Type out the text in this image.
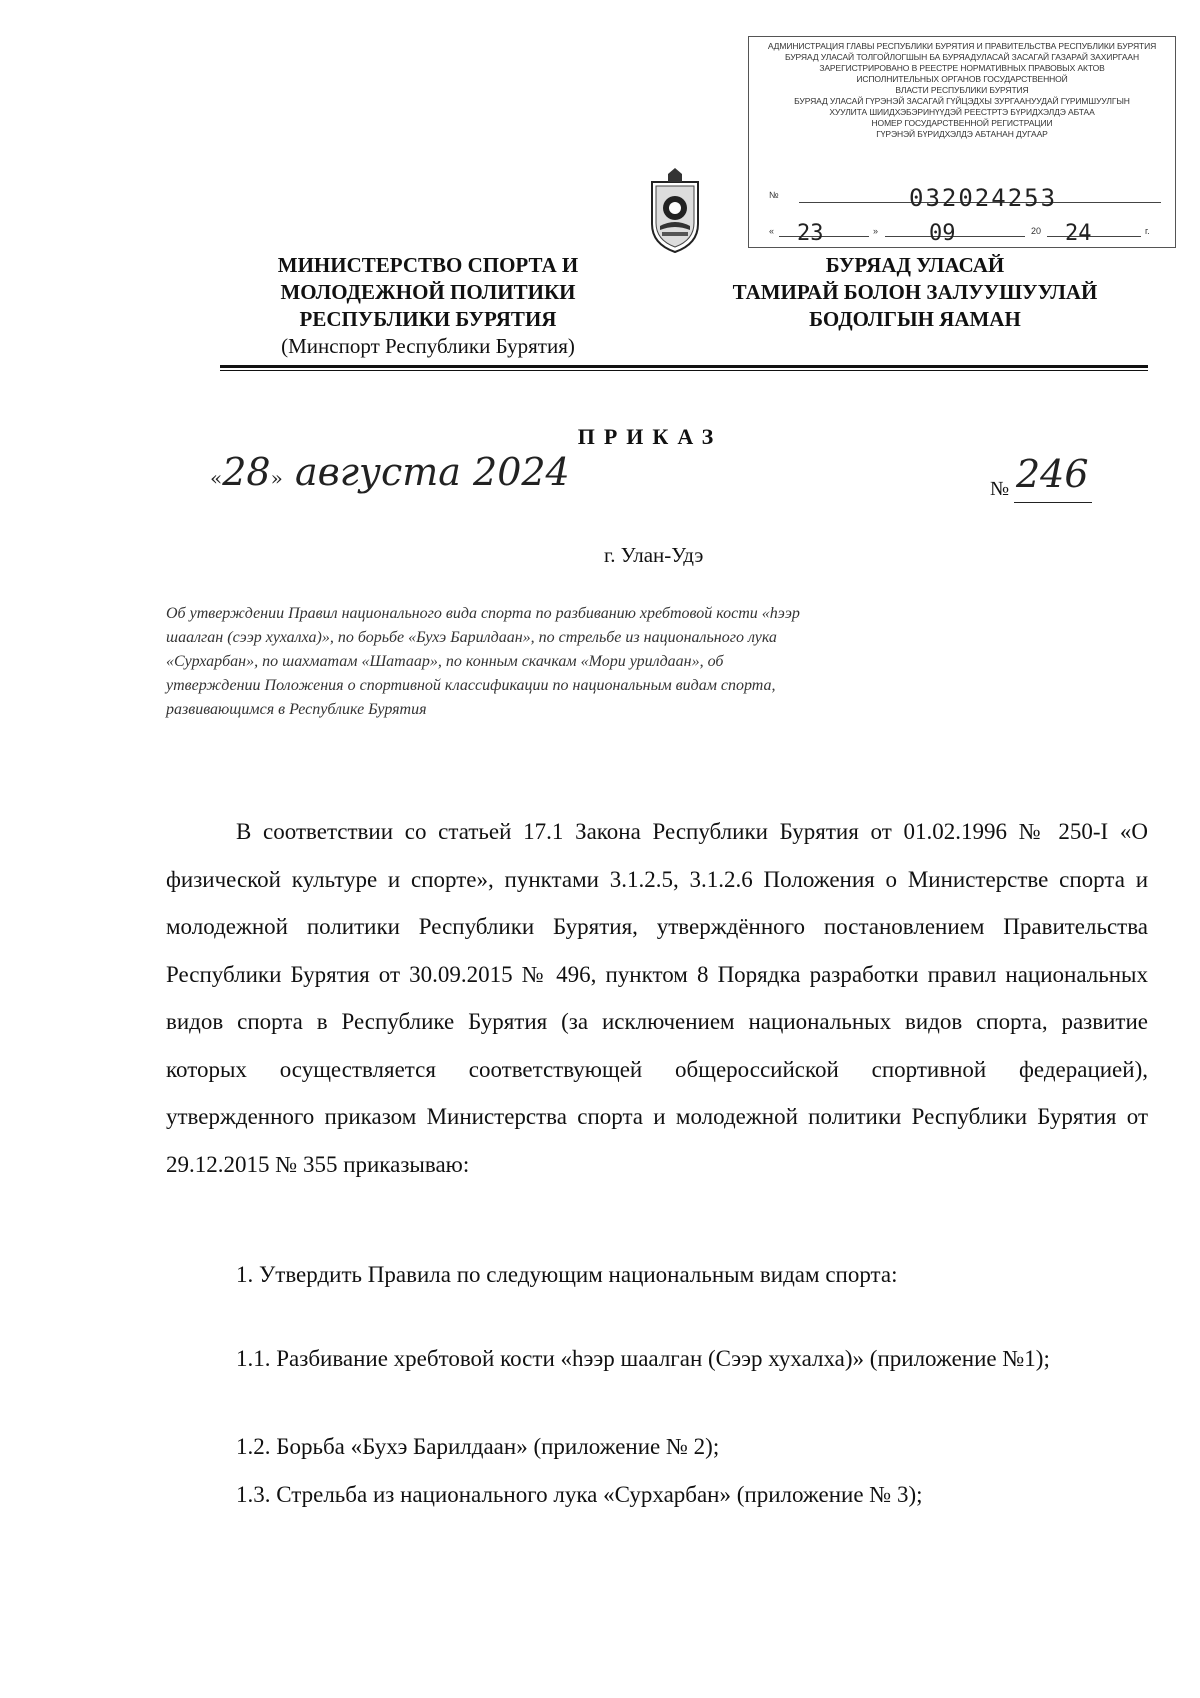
АДМИНИСТРАЦИЯ ГЛАВЫ РЕСПУБЛИКИ БУРЯТИЯ И ПРАВИТЕЛЬСТВА РЕСПУБЛИКИ БУРЯТИЯ
БУРЯАД УЛАСАЙ ТОЛГОЙЛОГШЫН БА БУРЯАДУЛАСАЙ ЗАСАГАЙ ГАЗАРАЙ ЗАХИРГААН
ЗАРЕГИСТРИРОВАНО В РЕЕСТРЕ НОРМАТИВНЫХ ПРАВОВЫХ АКТОВ
ИСПОЛНИТЕЛЬНЫХ ОРГАНОВ ГОСУДАРСТВЕННОЙ
ВЛАСТИ РЕСПУБЛИКИ БУРЯТИЯ
БУРЯАД УЛАСАЙ ГҮРЭНЭЙ ЗАСАГАЙ ГҮЙЦЭДХЫ ЗУРГААНУУДАЙ ГҮРИМШУУЛГЫН
ХУУЛИТА ШИИДХЭБЭРИНҮҮДЭЙ РЕЕСТРТЭ БҮРИДХЭЛДЭ АБТАА
НОМЕР ГОСУДАРСТВЕННОЙ РЕГИСТРАЦИИ
ГҮРЭНЭЙ БҮРИДХЭЛДЭ АБТАНАН ДУГААР
№	032024253
« 23	» 09	20 24	г.
МИНИСТЕРСТВО СПОРТА И
МОЛОДЕЖНОЙ ПОЛИТИКИ
РЕСПУБЛИКИ БУРЯТИЯ
(Минспорт Республики Бурятия)
БУРЯАД УЛАСАЙ
ТАМИРАЙ БОЛОН ЗАЛУУШУУЛАЙ
БОДОЛГЫН ЯАМАН
ПРИКАЗ
«28» августа 2024	№ 246
г. Улан-Удэ
Об утверждении Правил национального вида спорта по разбиванию хребтовой кости «һээр шаалган (сээр хухалха)», по борьбе «Бухэ Барилдаан», по стрельбе из национального лука «Сурхарбан», по шахматам «Шатаар», по конным скачкам «Мори урилдаан», об утверждении Положения о спортивной классификации по национальным видам спорта, развивающимся в Республике Бурятия

В соответствии со статьей 17.1 Закона Республики Бурятия от 01.02.1996 № 250-I «О физической культуре и спорте», пунктами 3.1.2.5, 3.1.2.6 Положения о Министерстве спорта и молодежной политики Республики Бурятия, утверждённого постановлением Правительства Республики Бурятия от 30.09.2015 № 496, пунктом 8 Порядка разработки правил национальных видов спорта в Республике Бурятия (за исключением национальных видов спорта, развитие которых осуществляется соответствующей общероссийской спортивной федерацией), утвержденного приказом Министерства спорта и молодежной политики Республики Бурятия от 29.12.2015 № 355 приказываю:

1. Утвердить Правила по следующим национальным видам спорта:

1.1. Разбивание хребтовой кости «һээр шаалган (Сээр хухалха)» (приложение №1);

1.2. Борьба «Бухэ Барилдаан» (приложение № 2);

1.3. Стрельба из национального лука «Сурхарбан» (приложение № 3);
